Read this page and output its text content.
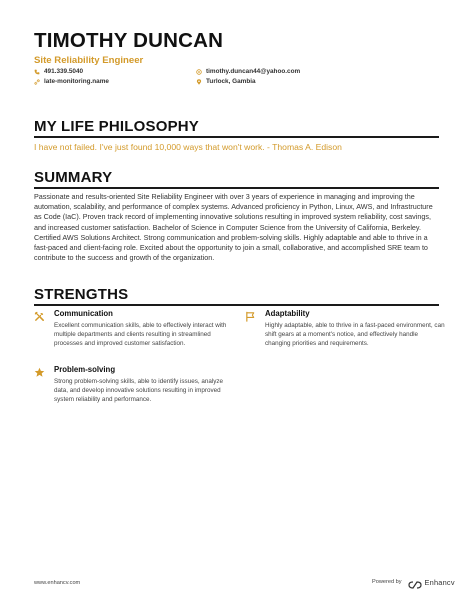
TIMOTHY DUNCAN
Site Reliability Engineer
491.339.5040	timothy.duncan44@yahoo.com
late-monitoring.name	Turlock, Gambia
MY LIFE PHILOSOPHY
I have not failed. I've just found 10,000 ways that won't work. - Thomas A. Edison
SUMMARY
Passionate and results-oriented Site Reliability Engineer with over 3 years of experience in managing and improving the automation, scalability, and performance of complex systems. Advanced proficiency in Python, Linux, AWS, and Infrastructure as Code (IaC). Proven track record of implementing innovative solutions resulting in improved system reliability, cost savings, and increased customer satisfaction. Bachelor of Science in Computer Science from the University of California, Berkeley. Certified AWS Solutions Architect. Strong communication and problem-solving skills. Highly adaptable and able to thrive in a fast-paced and client-facing role. Excited about the opportunity to join a small, collaborative, and accomplished SRE team to contribute to the success and growth of the organization.
STRENGTHS
Communication
Excellent communication skills, able to effectively interact with multiple departments and clients resulting in streamlined processes and improved customer satisfaction.
Adaptability
Highly adaptable, able to thrive in a fast-paced environment, can shift gears at a moment's notice, and effectively handle changing priorities and requirements.
Problem-solving
Strong problem-solving skills, able to identify issues, analyze data, and develop innovative solutions resulting in improved system reliability and performance.
www.enhancv.com	Powered by	Enhancv
